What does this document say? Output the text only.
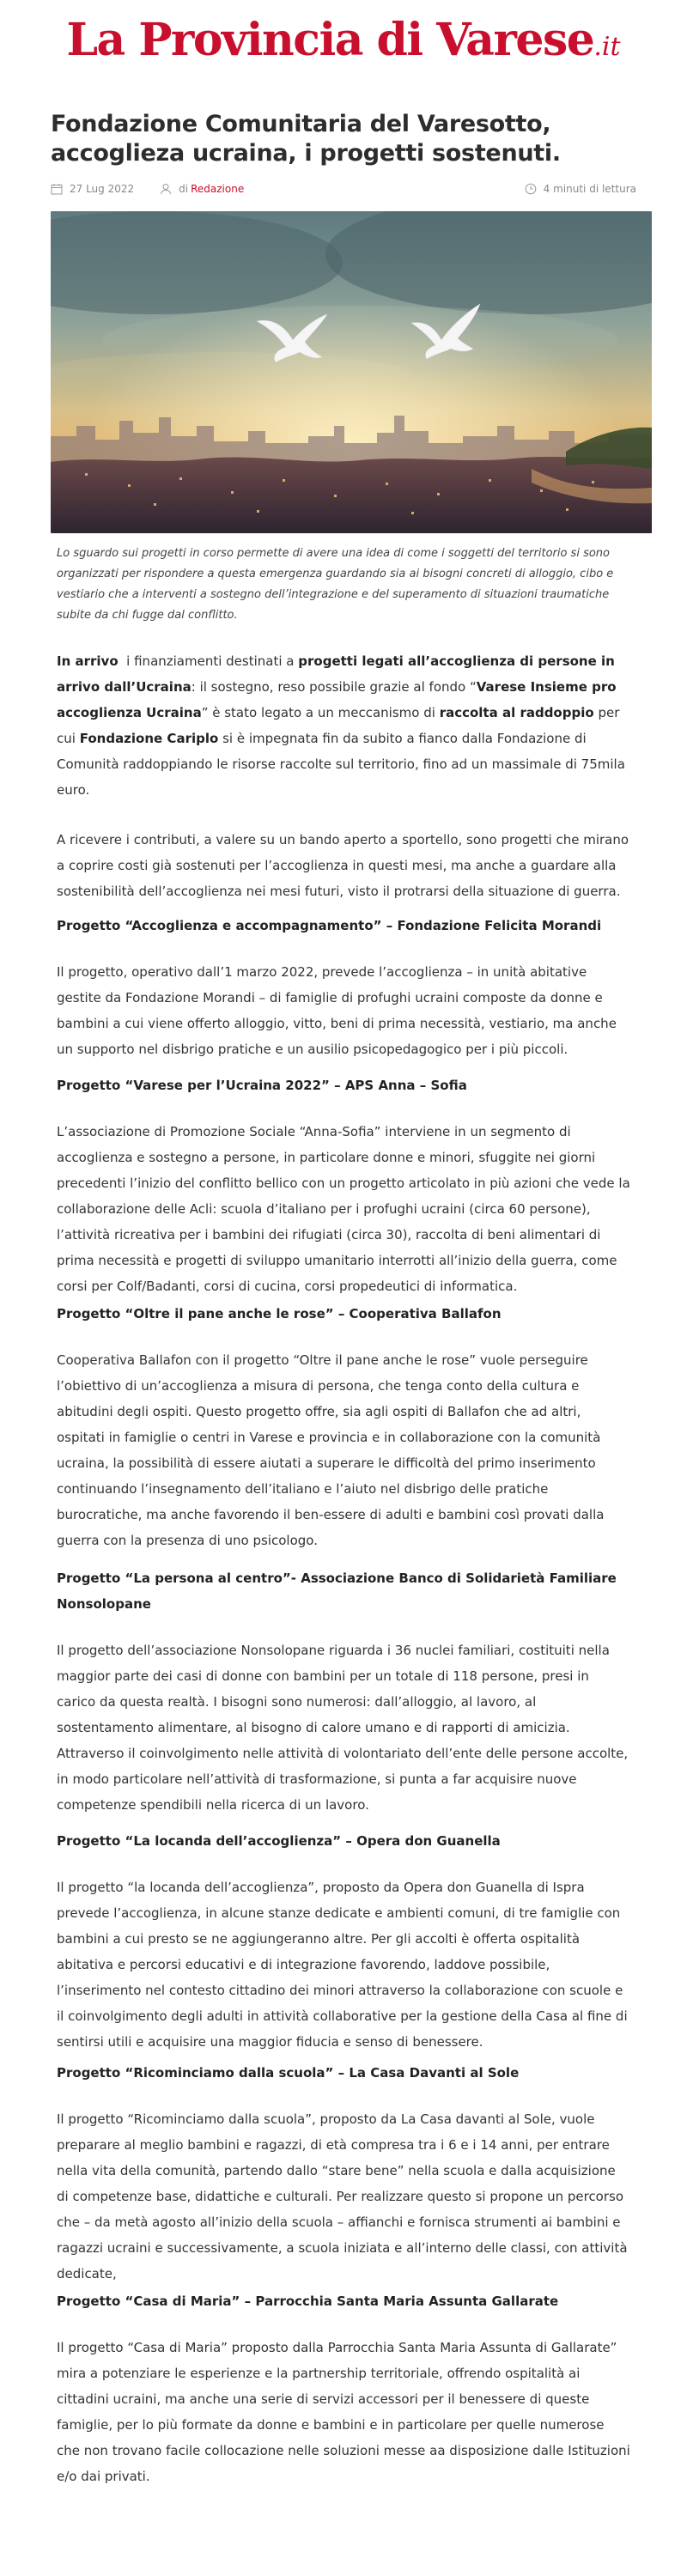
La Provincia di Varese.it
Fondazione Comunitaria del Varesotto, accoglieza ucraina, i progetti sostenuti.
27 Lug 2022	di Redazione	4 minuti di lettura

Lo sguardo sui progetti in corso permette di avere una idea di come i soggetti del territorio si sono organizzati per rispondere a questa emergenza guardando sia ai bisogni concreti di alloggio, cibo e vestiario che a interventi a sostegno dell’integrazione e del superamento di situazioni traumatiche subite da chi fugge dal conflitto.

In arrivo i finanziamenti destinati a progetti legati all’accoglienza di persone in arrivo dall’Ucraina: il sostegno, reso possibile grazie al fondo “Varese Insieme pro accoglienza Ucraina” è stato legato a un meccanismo di raccolta al raddoppio per cui Fondazione Cariplo si è impegnata fin da subito a fianco dalla Fondazione di Comunità raddoppiando le risorse raccolte sul territorio, fino ad un massimale di 75mila euro.

A ricevere i contributi, a valere su un bando aperto a sportello, sono progetti che mirano a coprire costi già sostenuti per l’accoglienza in questi mesi, ma anche a guardare alla sostenibilità dell’accoglienza nei mesi futuri, visto il protrarsi della situazione di guerra.

Progetto “Accoglienza e accompagnamento” – Fondazione Felicita Morandi

Il progetto, operativo dall’1 marzo 2022, prevede l’accoglienza – in unità abitative gestite da Fondazione Morandi – di famiglie di profughi ucraini composte da donne e bambini a cui viene offerto alloggio, vitto, beni di prima necessità, vestiario, ma anche un supporto nel disbrigo pratiche e un ausilio psicopedagogico per i più piccoli.

Progetto “Varese per l’Ucraina 2022” – APS Anna – Sofia

L’associazione di Promozione Sociale “Anna-Sofia” interviene in un segmento di accoglienza e sostegno a persone, in particolare donne e minori, sfuggite nei giorni precedenti l’inizio del conflitto bellico con un progetto articolato in più azioni che vede la collaborazione delle Acli: scuola d’italiano per i profughi ucraini (circa 60 persone), l’attività ricreativa per i bambini dei rifugiati (circa 30), raccolta di beni alimentari di prima necessità e progetti di sviluppo umanitario interrotti all’inizio della guerra, come corsi per Colf/Badanti, corsi di cucina, corsi propedeutici di informatica.

Progetto “Oltre il pane anche le rose” – Cooperativa Ballafon

Cooperativa Ballafon con il progetto “Oltre il pane anche le rose” vuole perseguire l’obiettivo di un’accoglienza a misura di persona, che tenga conto della cultura e abitudini degli ospiti. Questo progetto offre, sia agli ospiti di Ballafon che ad altri, ospitati in famiglie o centri in Varese e provincia e in collaborazione con la comunità ucraina, la possibilità di essere aiutati a superare le difficoltà del primo inserimento continuando l’insegnamento dell’italiano e l’aiuto nel disbrigo delle pratiche burocratiche, ma anche favorendo il ben-essere di adulti e bambini così provati dalla guerra con la presenza di uno psicologo.

Progetto “La persona al centro”- Associazione Banco di Solidarietà Familiare Nonsolopane

Il progetto dell’associazione Nonsolopane riguarda i 36 nuclei familiari, costituiti nella maggior parte dei casi di donne con bambini per un totale di 118 persone, presi in carico da questa realtà. I bisogni sono numerosi: dall’alloggio, al lavoro, al sostentamento alimentare, al bisogno di calore umano e di rapporti di amicizia. Attraverso il coinvolgimento nelle attività di volontariato dell’ente delle persone accolte, in modo particolare nell’attività di trasformazione, si punta a far acquisire nuove competenze spendibili nella ricerca di un lavoro.

Progetto “La locanda dell’accoglienza” – Opera don Guanella

Il progetto “la locanda dell’accoglienza”, proposto da Opera don Guanella di Ispra prevede l’accoglienza, in alcune stanze dedicate e ambienti comuni, di tre famiglie con bambini a cui presto se ne aggiungeranno altre. Per gli accolti è offerta ospitalità abitativa e percorsi educativi e di integrazione favorendo, laddove possibile, l’inserimento nel contesto cittadino dei minori attraverso la collaborazione con scuole e il coinvolgimento degli adulti in attività collaborative per la gestione della Casa al fine di sentirsi utili e acquisire una maggior fiducia e senso di benessere.

Progetto “Ricominciamo dalla scuola” – La Casa Davanti al Sole

Il progetto “Ricominciamo dalla scuola”, proposto da La Casa davanti al Sole, vuole preparare al meglio bambini e ragazzi, di età compresa tra i 6 e i 14 anni, per entrare nella vita della comunità, partendo dallo “stare bene” nella scuola e dalla acquisizione di competenze base, didattiche e culturali. Per realizzare questo si propone un percorso che – da metà agosto all’inizio della scuola – affianchi e fornisca strumenti ai bambini e ragazzi ucraini e successivamente, a scuola iniziata e all’interno delle classi, con attività dedicate,

Progetto “Casa di Maria” – Parrocchia Santa Maria Assunta Gallarate

Il progetto “Casa di Maria” proposto dalla Parrocchia Santa Maria Assunta di Gallarate” mira a potenziare le esperienze e la partnership territoriale, offrendo ospitalità ai cittadini ucraini, ma anche una serie di servizi accessori per il benessere di queste famiglie, per lo più formate da donne e bambini e in particolare per quelle numerose che non trovano facile collocazione nelle soluzioni messe aa disposizione dalle Istituzioni e/o dai privati.
